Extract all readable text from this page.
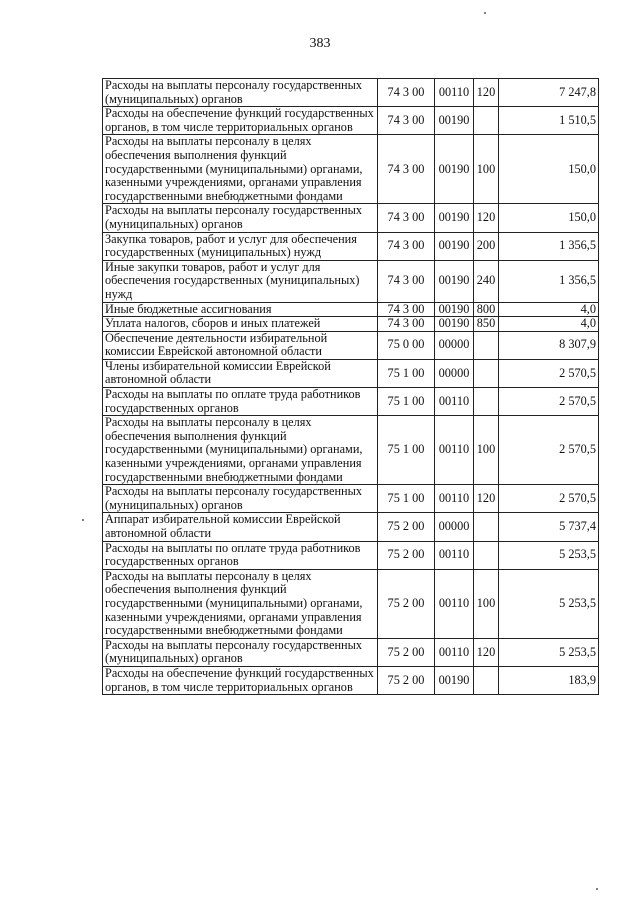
383
Расходы на выплаты персоналу государственных (муниципальных) органов	74 3 00	00110	120	7 247,8
Расходы на обеспечение функций государственных органов, в том числе территориальных органов	74 3 00	00190		1 510,5
Расходы на выплаты персоналу в целях обеспечения выполнения функций государственными (муниципальными) органами, казенными учреждениями, органами управления государственными внебюджетными фондами	74 3 00	00190	100	150,0
Расходы на выплаты персоналу государственных (муниципальных) органов	74 3 00	00190	120	150,0
Закупка товаров, работ и услуг для обеспечения государственных (муниципальных) нужд	74 3 00	00190	200	1 356,5
Иные закупки товаров, работ и услуг для обеспечения государственных (муниципальных) нужд	74 3 00	00190	240	1 356,5
Иные бюджетные ассигнования	74 3 00	00190	800	4,0
Уплата налогов, сборов и иных платежей	74 3 00	00190	850	4,0
Обеспечение деятельности избирательной комиссии Еврейской автономной области	75 0 00	00000		8 307,9
Члены избирательной комиссии Еврейской автономной области	75 1 00	00000		2 570,5
Расходы на выплаты по оплате труда работников государственных органов	75 1 00	00110		2 570,5
Расходы на выплаты персоналу в целях обеспечения выполнения функций государственными (муниципальными) органами, казенными учреждениями, органами управления государственными внебюджетными фондами	75 1 00	00110	100	2 570,5
Расходы на выплаты персоналу государственных (муниципальных) органов	75 1 00	00110	120	2 570,5
Аппарат избирательной комиссии Еврейской автономной области	75 2 00	00000		5 737,4
Расходы на выплаты по оплате труда работников государственных органов	75 2 00	00110		5 253,5
Расходы на выплаты персоналу в целях обеспечения выполнения функций государственными (муниципальными) органами, казенными учреждениями, органами управления государственными внебюджетными фондами	75 2 00	00110	100	5 253,5
Расходы на выплаты персоналу государственных (муниципальных) органов	75 2 00	00110	120	5 253,5
Расходы на обеспечение функций государственных органов, в том числе территориальных органов	75 2 00	00190		183,9
